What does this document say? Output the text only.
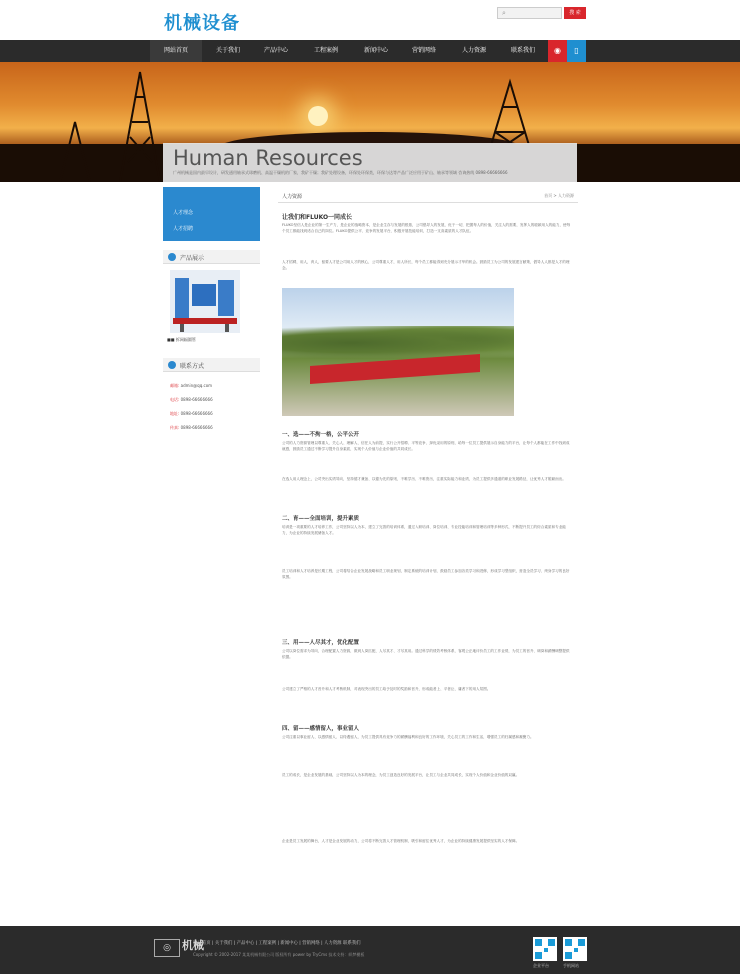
机械设备	⌕	搜 索
网站首页	关于我们	产品中心	工程案例	新闻中心	营销网络	人力资源	联系我们	◉	▯
Human Resources
广州机械是国内最早设计，研发通用轴承式球磨机、高温干燥机的厂家，我矿干燥；我矿处理设备，环保处环保类，环保与达等产品广泛应用于矿山、轴承等领域 咨询热线 0898-66666666
人才理念
人才招聘
产品展示
■■ 拆网辐圆管
联系方式
邮箱: admin@qq.com
电话: 0898-66666666
地址: 0898-66666666
传真: 0898-66666666
人力资源	首页 > 人力资源
让我们和FLUKO一同成长
FLUKO坚信人是企业的第一生产力，是企业的战略资本，是企业生存与发展的根基，公司倡导人的发展，优于一切，把握每人的价值，关注人的需要，发挥人的聪颖用人的能力，使每个员工都能找到适合自己的岗位。FLUKO提供公平、竞争的发展平台，积极开展技能培训，打造一支高素质的人才队伍。
人才招聘，用人，育人，留要人才是公司用人才的核心，公司尊重人才，用人所长，每个员工都能得到充分展示才华的机会。鼓励员工为公司的发展建言献策，倡导人人都是人才的理念。
一、选——不拘一格，公平公开
公司的人力资源管理以尊重人、关心人、理解人、信任人为前提，实行公开招聘、平等竞争、择优录用的原则，给每一位员工提供展示自身能力的平台，让每个人都能在工作中找到成就感，鼓励员工通过不断学习提升自身素质，实现个人价值与企业价值的共同成长。
在选人用人理念上，公司突出实绩导向，坚持德才兼备、以德为先的原则，不唯学历、不唯资历，注重实际能力和业绩，为员工提供多通道的职业发展路径，让优秀人才脱颖而出。
二、育——全面培训，提升素质
培训是一项重要的人才培养工作，公司坚持以人为本，建立了完善的培训体系，通过入职培训、岗位培训、专业技能培训和管理培训等多种形式，不断提升员工的综合素质和专业能力，为企业的持续发展储备人才。
员工培训和人才培养是长期工程，公司将结合企业发展战略和员工职业规划，制定系统的培训计划，鼓励员工参加各类学习和进修，形成学习型组织，营造全员学习、终身学习的良好氛围。
三、用——人尽其才，优化配置
公司以岗位需求为导向，合理配置人力资源，做到人岗匹配、人尽其才、才尽其用。通过科学的绩效考核体系，客观公正地评价员工的工作业绩，为员工的晋升、调岗和薪酬调整提供依据。
公司建立了严格的人才晋升和人才考核机制，对表现突出的员工给予及时的奖励和晋升，形成能者上、平者让、庸者下的用人氛围。
四、留——感情留人，事业留人
公司注重以事业留人、以感情留人、以待遇留人，为员工提供具有竞争力的薪酬福利和良好的工作环境，关心员工的工作和生活，增强员工的归属感和凝聚力。
员工的成长，是企业发展的基础，公司坚持以人为本的理念，为员工创造良好的发展平台，让员工与企业共同成长，实现个人价值和企业价值的双赢。
企业是员工发展的舞台，人才是企业发展的动力，公司将不断完善人才管理机制，吸引和留住优秀人才，为企业的持续健康发展提供坚实的人才保障。
◎	机械
网站首页 | 关于我们 | 产品中心 | 工程案例 | 新闻中心 | 营销网络 | 人力资源 联系我们
Copyright © 2002-2017 某某机械有限公司 版权所有 power by TryCms 技术支持：织梦模板
企业平台	手机网站
